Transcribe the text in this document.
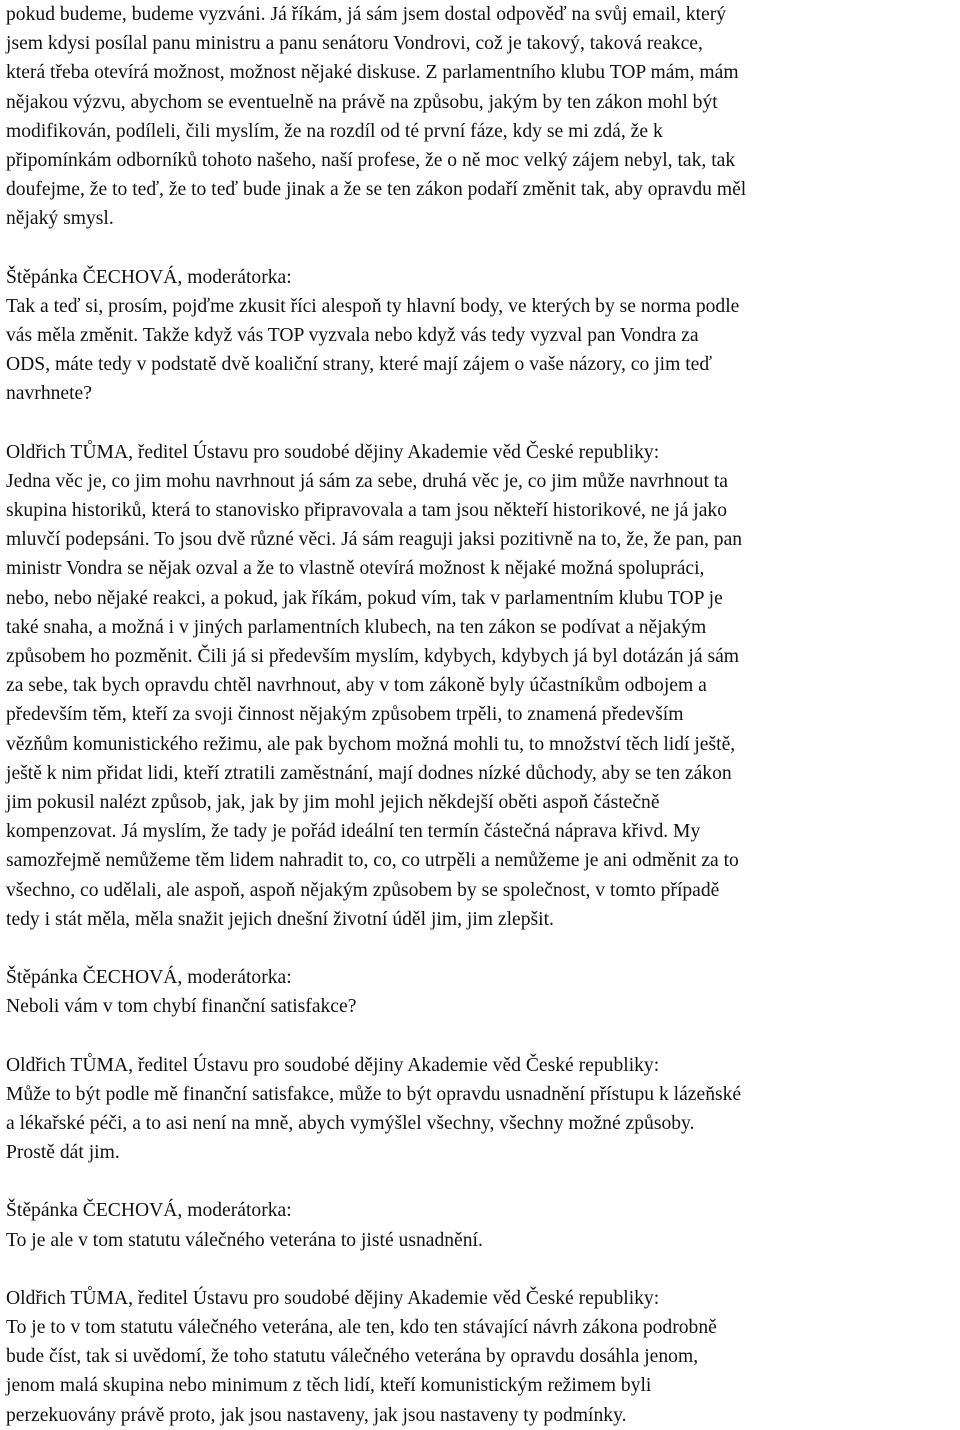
pokud budeme, budeme vyzváni. Já říkám, já sám jsem dostal odpověď na svůj email, který
jsem kdysi posílal panu ministru a panu senátoru Vondrovi, což je takový, taková reakce,
která třeba otevírá možnost, možnost nějaké diskuse. Z parlamentního klubu TOP mám, mám
nějakou výzvu, abychom se eventuelně na právě na způsobu, jakým by ten zákon mohl být
modifikován, podíleli, čili myslím, že na rozdíl od té první fáze, kdy se mi zdá, že k
připomínkám odborníků tohoto našeho, naší profese, že o ně moc velký zájem nebyl, tak, tak
doufejme, že to teď, že to teď bude jinak a že se ten zákon podaří změnit tak, aby opravdu měl
nějaký smysl.
Štěpánka ČECHOVÁ, moderátorka:
Tak a teď si, prosím, pojďme zkusit říci alespoň ty hlavní body, ve kterých by se norma podle
vás měla změnit. Takže když vás TOP vyzvala nebo když vás tedy vyzval pan Vondra za
ODS, máte tedy v podstatě dvě koaliční strany, které mají zájem o vaše názory, co jim teď
navrhnete?
Oldřich TŮMA, ředitel Ústavu pro soudobé dějiny Akademie věd České republiky:
Jedna věc je, co jim mohu navrhnout já sám za sebe, druhá věc je, co jim může navrhnout ta
skupina historiků, která to stanovisko připravovala a tam jsou někteří historikové, ne já jako
mluvčí podepsáni. To jsou dvě různé věci. Já sám reaguji jaksi pozitivně na to, že, že pan, pan
ministr Vondra se nějak ozval a že to vlastně otevírá možnost k nějaké možná spolupráci,
nebo, nebo nějaké reakci, a pokud, jak říkám, pokud vím, tak v parlamentním klubu TOP je
také snaha, a možná i v jiných parlamentních klubech, na ten zákon se podívat a nějakým
způsobem ho pozměnit. Čili já si především myslím, kdybych, kdybych já byl dotázán já sám
za sebe, tak bych opravdu chtěl navrhnout, aby v tom zákoně byly účastníkům odbojem a
především těm, kteří za svoji činnost nějakým způsobem trpěli, to znamená především
vězňům komunistického režimu, ale pak bychom možná mohli tu, to množství těch lidí ještě,
ještě k nim přidat lidi, kteří ztratili zaměstnání, mají dodnes nízké důchody, aby se ten zákon
jim pokusil nalézt způsob, jak, jak by jim mohl jejich někdejší oběti aspoň částečně
kompenzovat. Já myslím, že tady je pořád ideální ten termín částečná náprava křivd. My
samozřejmě nemůžeme těm lidem nahradit to, co, co utrpěli a nemůžeme je ani odměnit za to
všechno, co udělali, ale aspoň, aspoň nějakým způsobem by se společnost, v tomto případě
tedy i stát měla, měla snažit jejich dnešní životní úděl jim, jim zlepšit.
Štěpánka ČECHOVÁ, moderátorka:
Neboli vám v tom chybí finanční satisfakce?
Oldřich TŮMA, ředitel Ústavu pro soudobé dějiny Akademie věd České republiky:
Může to být podle mě finanční satisfakce, může to být opravdu usnadnění přístupu k lázeňské
a lékařské péči, a to asi není na mně, abych vymýšlel všechny, všechny možné způsoby.
Prostě dát jim.
Štěpánka ČECHOVÁ, moderátorka:
To je ale v tom statutu válečného veterána to jisté usnadnění.
Oldřich TŮMA, ředitel Ústavu pro soudobé dějiny Akademie věd České republiky:
To je to v tom statutu válečného veterána, ale ten, kdo ten stávající návrh zákona podrobně
bude číst, tak si uvědomí, že toho statutu válečného veterána by opravdu dosáhla jenom,
jenom malá skupina nebo minimum z těch lidí, kteří komunistickým režimem byli
perzekuovány právě proto, jak jsou nastaveny, jak jsou nastaveny ty podmínky.
